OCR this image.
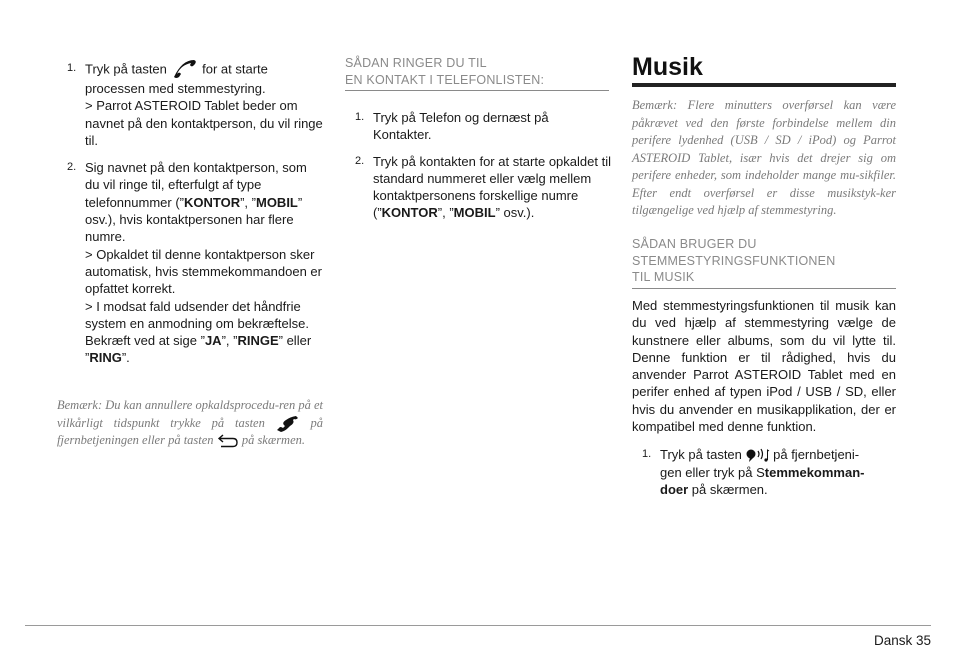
1. Tryk på tasten	for at starte processen med stemmestyring.
> Parrot ASTEROID Tablet beder om navnet på den kontaktperson, du vil ringe til.
2. Sig navnet på den kontaktperson, som du vil ringe til, efterfulgt af type telefonnummer (”KONTOR”, ”MOBIL” osv.), hvis kontaktpersonen har flere numre.
> Opkaldet til denne kontaktperson sker automatisk, hvis stemmekommandoen er opfattet korrekt.
> I modsat fald udsender det håndfrie system en anmodning om bekræftelse. Bekræft ved at sige ”JA”, ”RINGE” eller ”RING”.
Bemærk: Du kan annullere opkaldsprocedu-ren på et vilkårligt tidspunkt trykke på tasten	på fjernbetjeningen eller på tasten  på skærmen.
SÅDAN RINGER DU TIL
EN KONTAKT I TELEFONLISTEN:
1. Tryk på Telefon og dernæst på Kontakter.
2. Tryk på kontakten for at starte opkaldet til standard nummeret eller vælg mellem kontaktpersonens forskellige numre (”KONTOR”, ”MOBIL” osv.).
Musik
Bemærk: Flere minutters overførsel kan være påkrævet ved den første forbindelse mellem din perifere lydenhed (USB / SD / iPod) og Parrot ASTEROID Tablet, især hvis det drejer sig om perifere enheder, som indeholder mange mu-sikfiler. Efter endt overførsel er disse musikstyk-ker tilgængelige ved hjælp af stemmestyring.
SÅDAN BRUGER DU
STEMMESTYRINGSFUNKTIONEN
TIL MUSIK
Med stemmestyringsfunktionen til musik kan du ved hjælp af stemmestyring vælge de kunstnere eller albums, som du vil lytte til. Denne funktion er til rådighed, hvis du anvender Parrot ASTEROID Tablet med en perifer enhed af typen iPod / USB / SD, eller hvis du anvender en musikapplikation, der er kompatibel med denne funktion.
1. Tryk på tasten  på fjernbetjeni-gen eller tryk på Stemmekomman-doer på skærmen.
Dansk 35
